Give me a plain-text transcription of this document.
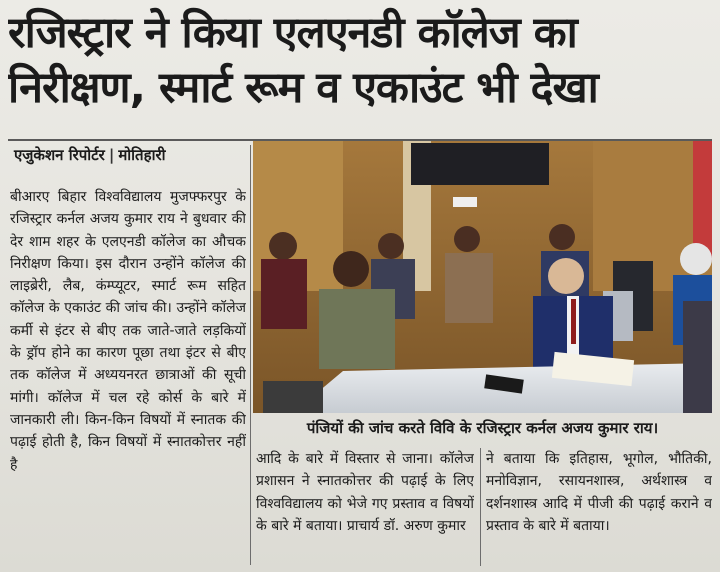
रजिस्ट्रार ने किया एलएनडी कॉलेज का
निरीक्षण, स्मार्ट रूम व एकाउंट भी देखा
एजुकेशन रिपोर्टर | मोतिहारी
बीआरए बिहार विश्वविद्यालय मुजफ्फरपुर के रजिस्ट्रार कर्नल अजय कुमार राय ने बुधवार की देर शाम शहर के एलएनडी कॉलेज का औचक निरीक्षण किया। इस दौरान उन्होंने कॉलेज की लाइब्रेरी, लैब, कंम्प्यूटर, स्मार्ट रूम सहित कॉलेज के एकाउंट की जांच की। उन्होंने कॉलेज कर्मी से इंटर से बीए तक जाते-जाते लड़कियों के ड्रॉप होने का कारण पूछा तथा इंटर से बीए तक कॉलेज में अध्ययनरत छात्राओं की सूची मांगी। कॉलेज में चल रहे कोर्स के बारे में जानकारी ली। किन-किन विषयों में स्नातक की पढ़ाई होती है, किन विषयों में स्नातकोत्तर नहीं है
पंजियों की जांच करते विवि के रजिस्ट्रार कर्नल अजय कुमार राय।
आदि के बारे में विस्तार से जाना। कॉलेज प्रशासन ने स्नातकोत्तर की पढ़ाई के लिए विश्वविद्यालय को भेजे गए प्रस्ताव व विषयों के बारे में बताया। प्राचार्य डॉ. अरुण कुमार
ने बताया कि इतिहास, भूगोल, भौतिकी, मनोविज्ञान, रसायनशास्त्र, अर्थशास्त्र व दर्शनशास्त्र आदि में पीजी की पढ़ाई कराने व प्रस्ताव के बारे में बताया।
